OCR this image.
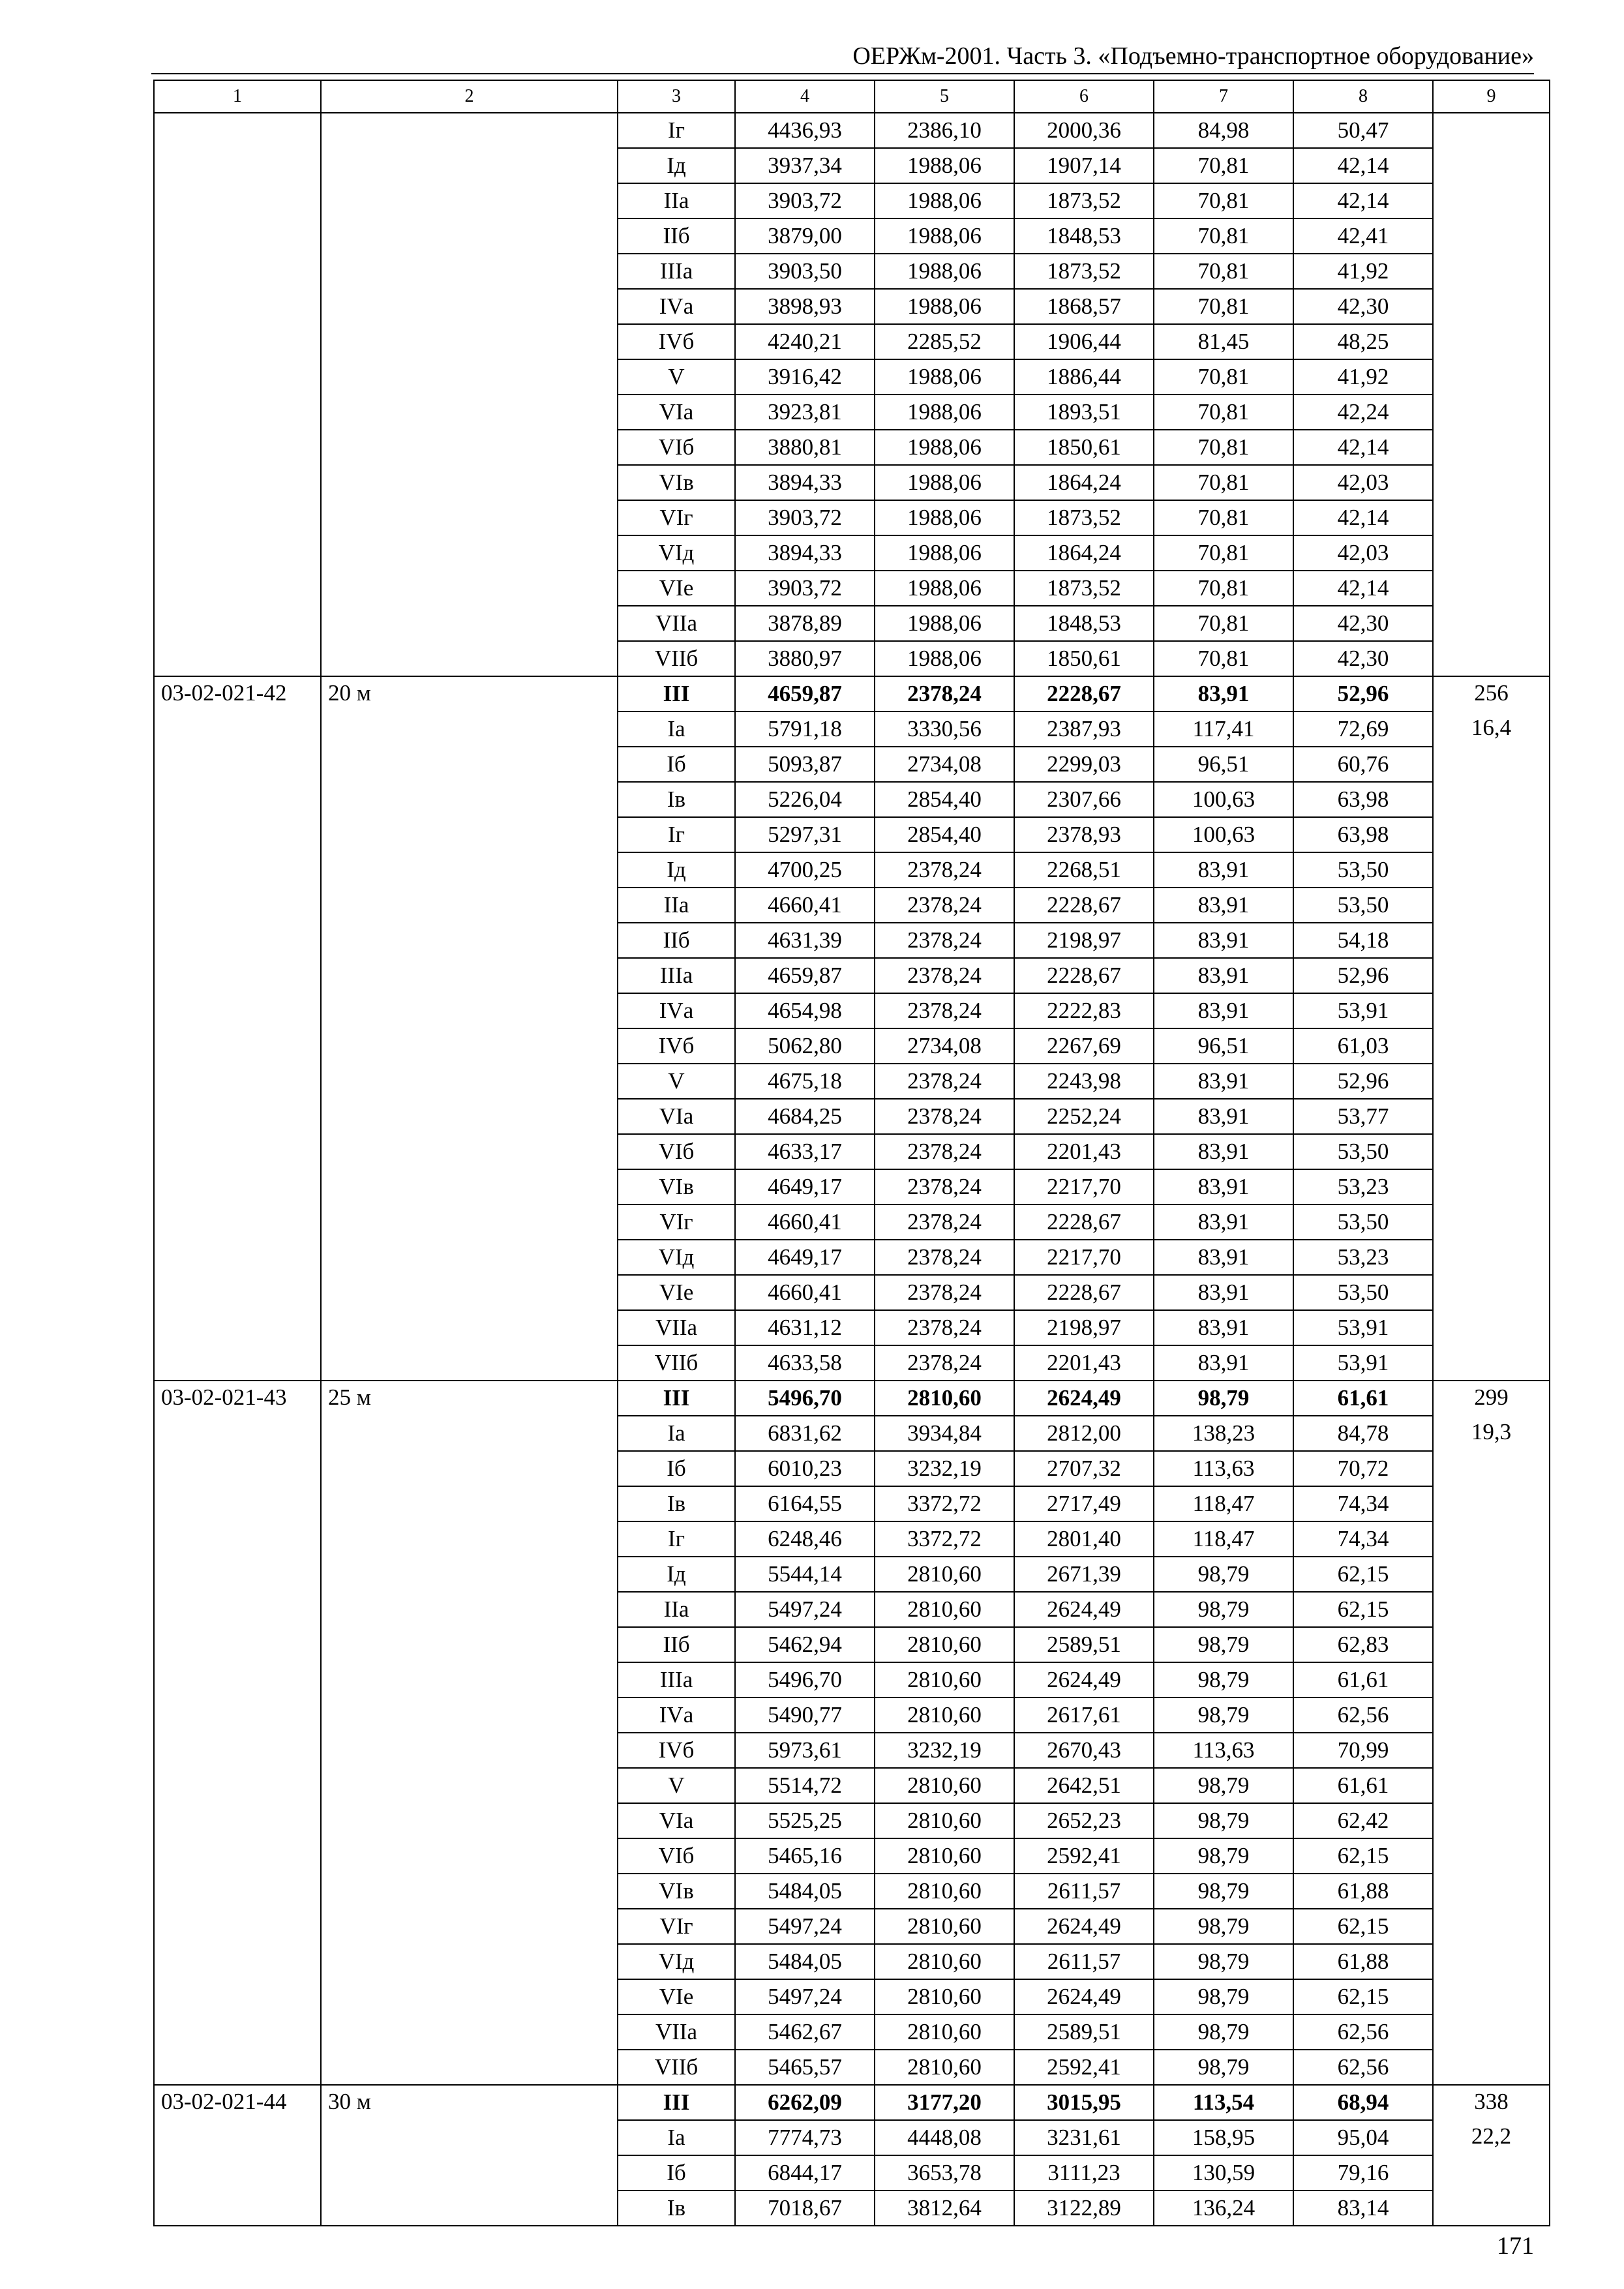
ОЕРЖм-2001. Часть 3. «Подъемно-транспортное оборудование»
1	2	3	4	5	6	7	8	9
		Iг	4436,93	2386,10	2000,36	84,98	50,47	
		Iд	3937,34	1988,06	1907,14	70,81	42,14	
		IIа	3903,72	1988,06	1873,52	70,81	42,14	
		IIб	3879,00	1988,06	1848,53	70,81	42,41	
		IIIа	3903,50	1988,06	1873,52	70,81	41,92	
		IVа	3898,93	1988,06	1868,57	70,81	42,30	
		IVб	4240,21	2285,52	1906,44	81,45	48,25	
		V	3916,42	1988,06	1886,44	70,81	41,92	
		VIа	3923,81	1988,06	1893,51	70,81	42,24	
		VIб	3880,81	1988,06	1850,61	70,81	42,14	
		VIв	3894,33	1988,06	1864,24	70,81	42,03	
		VIг	3903,72	1988,06	1873,52	70,81	42,14	
		VIд	3894,33	1988,06	1864,24	70,81	42,03	
		VIе	3903,72	1988,06	1873,52	70,81	42,14	
		VIIа	3878,89	1988,06	1848,53	70,81	42,30	
		VIIб	3880,97	1988,06	1850,61	70,81	42,30	
03-02-021-42	20 м	III	4659,87	2378,24	2228,67	83,91	52,96	256
		Iа	5791,18	3330,56	2387,93	117,41	72,69	16,4
		Iб	5093,87	2734,08	2299,03	96,51	60,76	
		Iв	5226,04	2854,40	2307,66	100,63	63,98	
		Iг	5297,31	2854,40	2378,93	100,63	63,98	
		Iд	4700,25	2378,24	2268,51	83,91	53,50	
		IIа	4660,41	2378,24	2228,67	83,91	53,50	
		IIб	4631,39	2378,24	2198,97	83,91	54,18	
		IIIа	4659,87	2378,24	2228,67	83,91	52,96	
		IVа	4654,98	2378,24	2222,83	83,91	53,91	
		IVб	5062,80	2734,08	2267,69	96,51	61,03	
		V	4675,18	2378,24	2243,98	83,91	52,96	
		VIа	4684,25	2378,24	2252,24	83,91	53,77	
		VIб	4633,17	2378,24	2201,43	83,91	53,50	
		VIв	4649,17	2378,24	2217,70	83,91	53,23	
		VIг	4660,41	2378,24	2228,67	83,91	53,50	
		VIд	4649,17	2378,24	2217,70	83,91	53,23	
		VIе	4660,41	2378,24	2228,67	83,91	53,50	
		VIIа	4631,12	2378,24	2198,97	83,91	53,91	
		VIIб	4633,58	2378,24	2201,43	83,91	53,91	
03-02-021-43	25 м	III	5496,70	2810,60	2624,49	98,79	61,61	299
		Iа	6831,62	3934,84	2812,00	138,23	84,78	19,3
		Iб	6010,23	3232,19	2707,32	113,63	70,72	
		Iв	6164,55	3372,72	2717,49	118,47	74,34	
		Iг	6248,46	3372,72	2801,40	118,47	74,34	
		Iд	5544,14	2810,60	2671,39	98,79	62,15	
		IIа	5497,24	2810,60	2624,49	98,79	62,15	
		IIб	5462,94	2810,60	2589,51	98,79	62,83	
		IIIа	5496,70	2810,60	2624,49	98,79	61,61	
		IVа	5490,77	2810,60	2617,61	98,79	62,56	
		IVб	5973,61	3232,19	2670,43	113,63	70,99	
		V	5514,72	2810,60	2642,51	98,79	61,61	
		VIа	5525,25	2810,60	2652,23	98,79	62,42	
		VIб	5465,16	2810,60	2592,41	98,79	62,15	
		VIв	5484,05	2810,60	2611,57	98,79	61,88	
		VIг	5497,24	2810,60	2624,49	98,79	62,15	
		VIд	5484,05	2810,60	2611,57	98,79	61,88	
		VIе	5497,24	2810,60	2624,49	98,79	62,15	
		VIIа	5462,67	2810,60	2589,51	98,79	62,56	
		VIIб	5465,57	2810,60	2592,41	98,79	62,56	
03-02-021-44	30 м	III	6262,09	3177,20	3015,95	113,54	68,94	338
		Iа	7774,73	4448,08	3231,61	158,95	95,04	22,2
		Iб	6844,17	3653,78	3111,23	130,59	79,16	
		Iв	7018,67	3812,64	3122,89	136,24	83,14	
171
